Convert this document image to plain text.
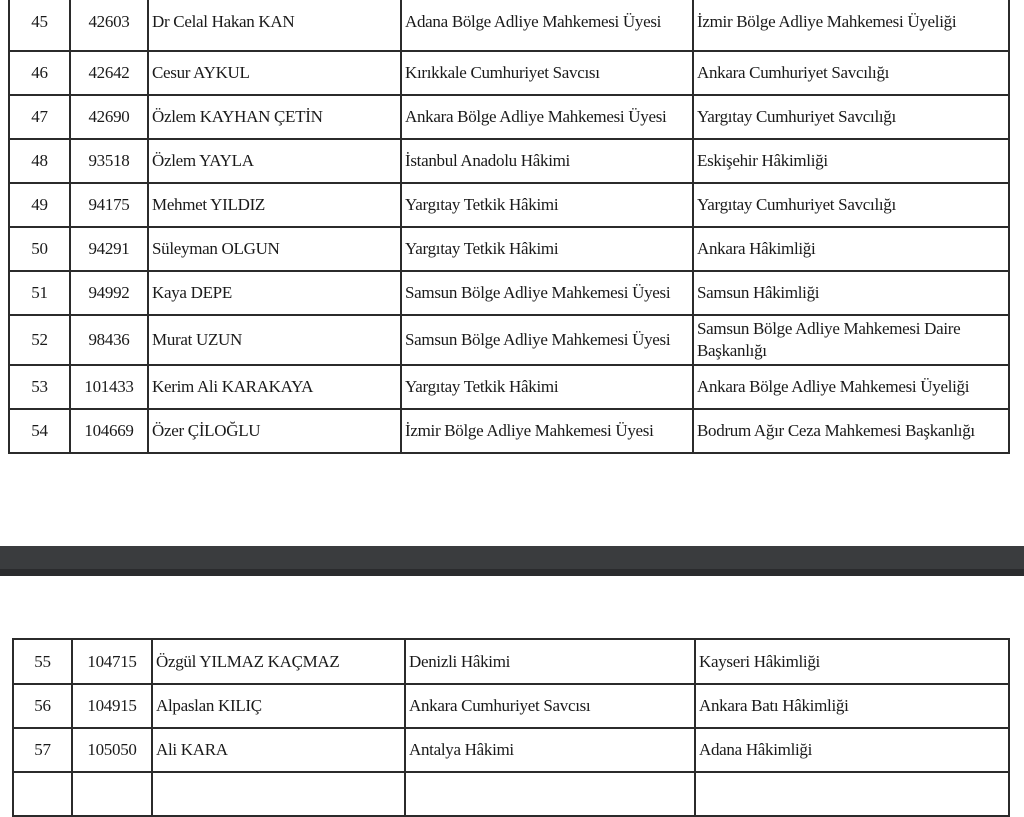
45	42603	Dr Celal Hakan KAN	Adana Bölge Adliye Mahkemesi Üyesi	İzmir Bölge Adliye Mahkemesi Üyeliği
46	42642	Cesur AYKUL	Kırıkkale Cumhuriyet Savcısı	Ankara Cumhuriyet Savcılığı
47	42690	Özlem KAYHAN ÇETİN	Ankara Bölge Adliye Mahkemesi Üyesi	Yargıtay Cumhuriyet Savcılığı
48	93518	Özlem YAYLA	İstanbul Anadolu Hâkimi	Eskişehir Hâkimliği
49	94175	Mehmet YILDIZ	Yargıtay Tetkik Hâkimi	Yargıtay Cumhuriyet Savcılığı
50	94291	Süleyman OLGUN	Yargıtay Tetkik Hâkimi	Ankara Hâkimliği
51	94992	Kaya DEPE	Samsun Bölge Adliye Mahkemesi Üyesi	Samsun Hâkimliği
52	98436	Murat UZUN	Samsun Bölge Adliye Mahkemesi Üyesi	Samsun Bölge Adliye Mahkemesi Daire Başkanlığı
53	101433	Kerim Ali KARAKAYA	Yargıtay Tetkik Hâkimi	Ankara Bölge Adliye Mahkemesi Üyeliği
54	104669	Özer ÇİLOĞLU	İzmir Bölge Adliye Mahkemesi Üyesi	Bodrum Ağır Ceza Mahkemesi Başkanlığı
55	104715	Özgül YILMAZ KAÇMAZ	Denizli Hâkimi	Kayseri Hâkimliği
56	104915	Alpaslan KILIÇ	Ankara Cumhuriyet Savcısı	Ankara Batı Hâkimliği
57	105050	Ali KARA	Antalya Hâkimi	Adana Hâkimliği
